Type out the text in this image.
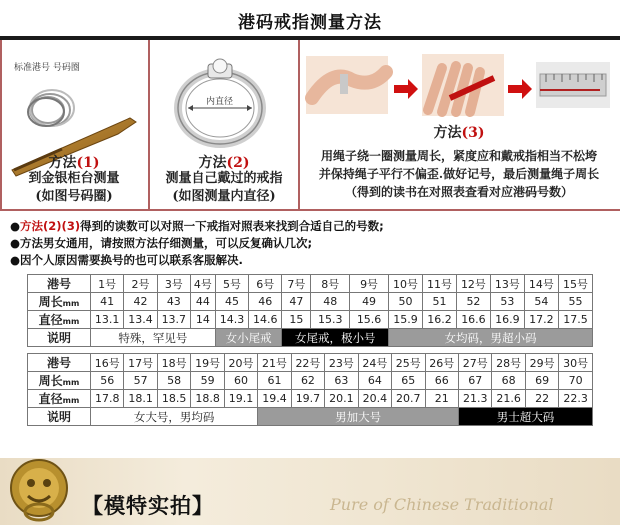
港码戒指测量方法
标准港号 号码圈
方法(1)
到金银柜台测量
(如图号码圈)
内直径
方法(2)
测量自己戴过的戒指
(如图测量内直径)
方法(3)
用绳子绕一圈测量周长，紧度应和戴戒指相当不松垮
并保持绳子平行不偏歪.做好记号，最后测量绳子周长
（得到的读书在对照表查看对应港码号数）
●方法(2)(3)得到的读数可以对照一下戒指对照表来找到合适自己的号数;
●方法男女通用，请按照方法仔细测量，可以反复确认几次;
●因个人原因需要换号的也可以联系客服解决.
港号	1号	2号	3号	4号	5号	6号	7号	8号	9号	10号	11号	12号	13号	14号	15号
周长mm	41	42	43	44	45	46	47	48	49	50	51	52	53	54	55
直径mm	13.1	13.4	13.7	14	14.3	14.6	15	15.3	15.6	15.9	16.2	16.6	16.9	17.2	17.5
说明	特殊，罕见号				女小尾戒		女尾戒，极小号			女均码，男超小码					
港号	16号	17号	18号	19号	20号	21号	22号	23号	24号	25号	26号	27号	28号	29号	30号
周长mm	56	57	58	59	60	61	62	63	64	65	66	67	68	69	70
直径mm	17.8	18.1	18.5	18.8	19.1	19.4	19.7	20.1	20.4	20.7	21	21.3	21.6	22	22.3
说明	女大号，男均码					男加大号						男士超大码			
【模特实拍】	Pure of Chinese Traditional
